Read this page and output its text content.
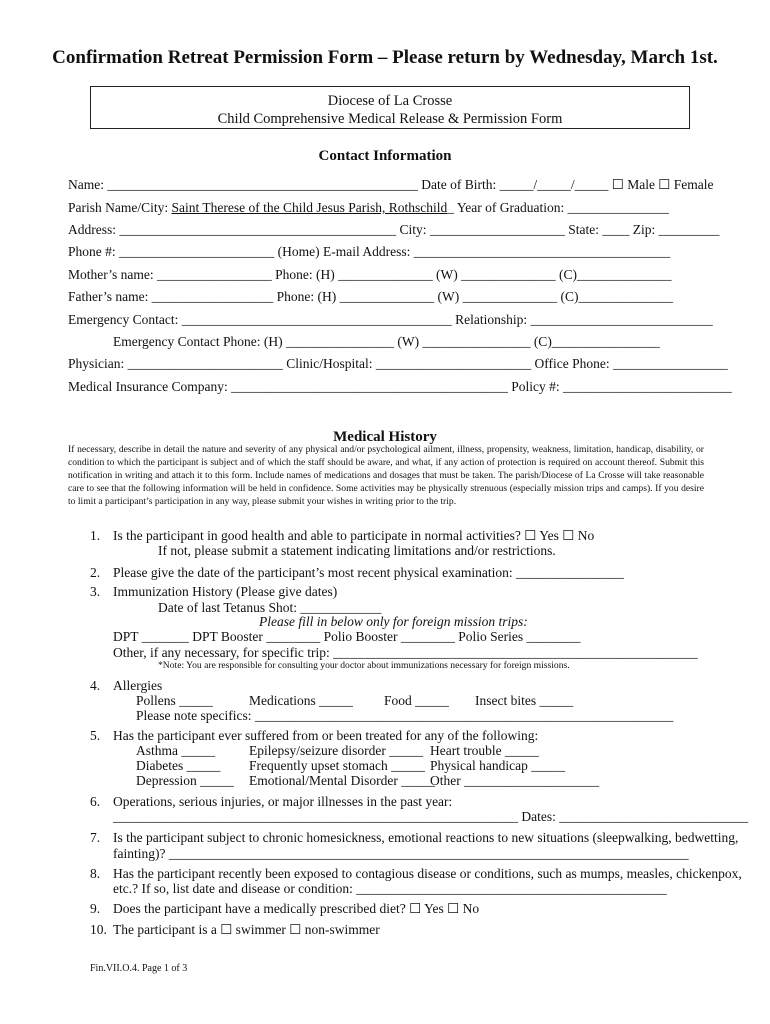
Confirmation Retreat Permission Form – Please return by Wednesday, March 1st.
Diocese of La Crosse
Child Comprehensive Medical Release & Permission Form
Contact Information
Name: ______________________________________________ Date of Birth: _____/_____/_____ ☐ Male ☐ Female
Parish Name/City: Saint Therese of the Child Jesus Parish, Rothschild_ Year of Graduation: _______________
Address: _________________________________________ City: ____________________ State: ____ Zip: _________
Phone #: _______________________ (Home) E-mail Address: ______________________________________
Mother’s name: _________________ Phone: (H) ______________ (W) ______________ (C)______________
Father’s name: __________________ Phone: (H) ______________ (W) ______________ (C)______________
Emergency Contact: ________________________________________ Relationship: ___________________________
Emergency Contact Phone: (H) ________________ (W) ________________ (C)________________
Physician: _______________________ Clinic/Hospital: _______________________ Office Phone: _________________
Medical Insurance Company: _________________________________________ Policy #: _________________________
Medical History
If necessary, describe in detail the nature and severity of any physical and/or psychological ailment, illness, propensity, weakness, limitation, handicap, disability, or condition to which the participant is subject and of which the staff should be aware, and what, if any action of protection is required on account thereof. Submit this notification in writing and attach it to this form. Include names of medications and dosages that must be taken. The parish/Diocese of La Crosse will take reasonable care to see that the following information will be held in confidence. Some activities may be physically strenuous (especially mission trips and camps). If you desire to limit a participant’s participation in any way, please submit your wishes in writing prior to the trip.
1. Is the participant in good health and able to participate in normal activities? ☐ Yes ☐ No
If not, please submit a statement indicating limitations and/or restrictions.
2. Please give the date of the participant’s most recent physical examination: ________________
3. Immunization History (Please give dates)
Date of last Tetanus Shot: ____________
Please fill in below only for foreign mission trips:
DPT _______ DPT Booster ________ Polio Booster ________ Polio Series ________
Other, if any necessary, for specific trip: ______________________________________________________
*Note: You are responsible for consulting your doctor about immunizations necessary for foreign missions.
4. Allergies
Pollens _____	Medications _____ Food _____ Insect bites _____
Please note specifics: ______________________________________________________________
5. Has the participant ever suffered from or been treated for any of the following:
Asthma _____
Diabetes _____
Depression _____
Epilepsy/seizure disorder _____
Frequently upset stomach _____
Emotional/Mental Disorder _____
Heart trouble _____
Physical handicap _____
Other ____________________
6. Operations, serious injuries, or major illnesses in the past year:
____________________________________________________________ Dates: ____________________________
7. Is the participant subject to chronic homesickness, emotional reactions to new situations (sleepwalking, bedwetting,
fainting)? _____________________________________________________________________________
8. Has the participant recently been exposed to contagious disease or conditions, such as mumps, measles, chickenpox,
etc.? If so, list date and disease or condition: ______________________________________________
9. Does the participant have a medically prescribed diet? ☐ Yes ☐ No
10. The participant is a ☐ swimmer ☐ non-swimmer
Fin.VII.O.4. Page 1 of 3
